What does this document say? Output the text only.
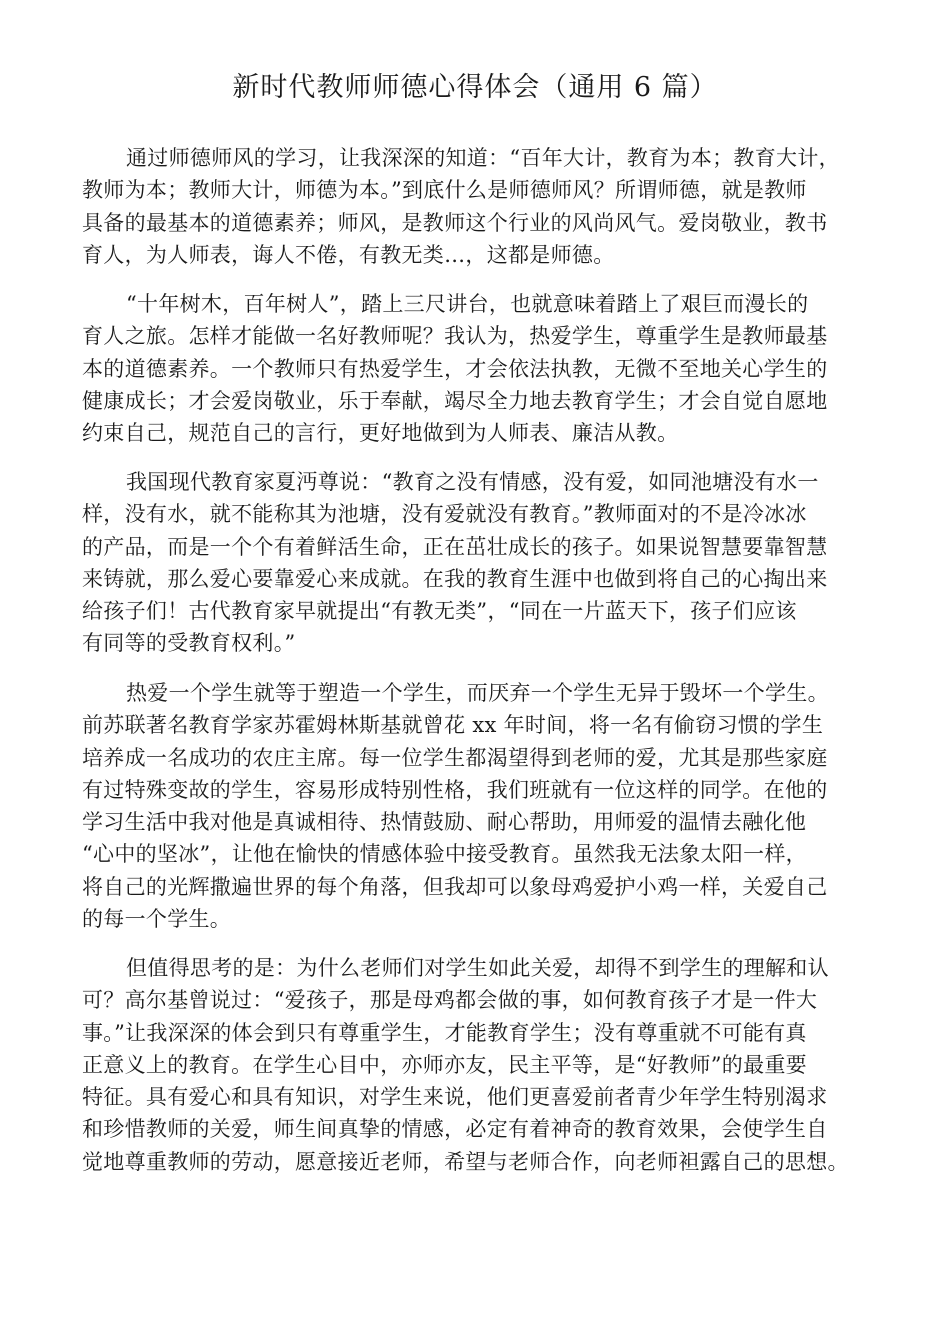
新时代教师师德心得体会（通用 6 篇）

通过师德师风的学习，让我深深的知道：“百年大计，教育为本；教育大计，
教师为本；教师大计，师德为本。”到底什么是师德师风？所谓师德，就是教师
具备的最基本的道德素养；师风，是教师这个行业的风尚风气。爱岗敬业，教书
育人，为人师表，诲人不倦，有教无类…，这都是师德。

“十年树木，百年树人”，踏上三尺讲台，也就意味着踏上了艰巨而漫长的
育人之旅。怎样才能做一名好教师呢？我认为，热爱学生，尊重学生是教师最基
本的道德素养。一个教师只有热爱学生，才会依法执教，无微不至地关心学生的
健康成长；才会爱岗敬业，乐于奉献，竭尽全力地去教育学生；才会自觉自愿地
约束自己，规范自己的言行，更好地做到为人师表、廉洁从教。

我国现代教育家夏沔尊说：“教育之没有情感，没有爱，如同池塘没有水一
样，没有水，就不能称其为池塘，没有爱就没有教育。”教师面对的不是冷冰冰
的产品，而是一个个有着鲜活生命，正在茁壮成长的孩子。如果说智慧要靠智慧
来铸就，那么爱心要靠爱心来成就。在我的教育生涯中也做到将自己的心掏出来
给孩子们！古代教育家早就提出“有教无类”，“同在一片蓝天下，孩子们应该
有同等的受教育权利。”

热爱一个学生就等于塑造一个学生，而厌弃一个学生无异于毁坏一个学生。
前苏联著名教育学家苏霍姆林斯基就曾花 xx 年时间，将一名有偷窃习惯的学生
培养成一名成功的农庄主席。每一位学生都渴望得到老师的爱，尤其是那些家庭
有过特殊变故的学生，容易形成特别性格，我们班就有一位这样的同学。在他的
学习生活中我对他是真诚相待、热情鼓励、耐心帮助，用师爱的温情去融化他
“心中的坚冰”，让他在愉快的情感体验中接受教育。虽然我无法象太阳一样，
将自己的光辉撒遍世界的每个角落，但我却可以象母鸡爱护小鸡一样，关爱自己
的每一个学生。

但值得思考的是：为什么老师们对学生如此关爱，却得不到学生的理解和认
可？高尔基曾说过：“爱孩子，那是母鸡都会做的事，如何教育孩子才是一件大
事。”让我深深的体会到只有尊重学生，才能教育学生；没有尊重就不可能有真
正意义上的教育。在学生心目中，亦师亦友，民主平等，是“好教师”的最重要
特征。具有爱心和具有知识，对学生来说，他们更喜爱前者青少年学生特别渴求
和珍惜教师的关爱，师生间真挚的情感，必定有着神奇的教育效果，会使学生自
觉地尊重教师的劳动，愿意接近老师，希望与老师合作，向老师袒露自己的思想。
